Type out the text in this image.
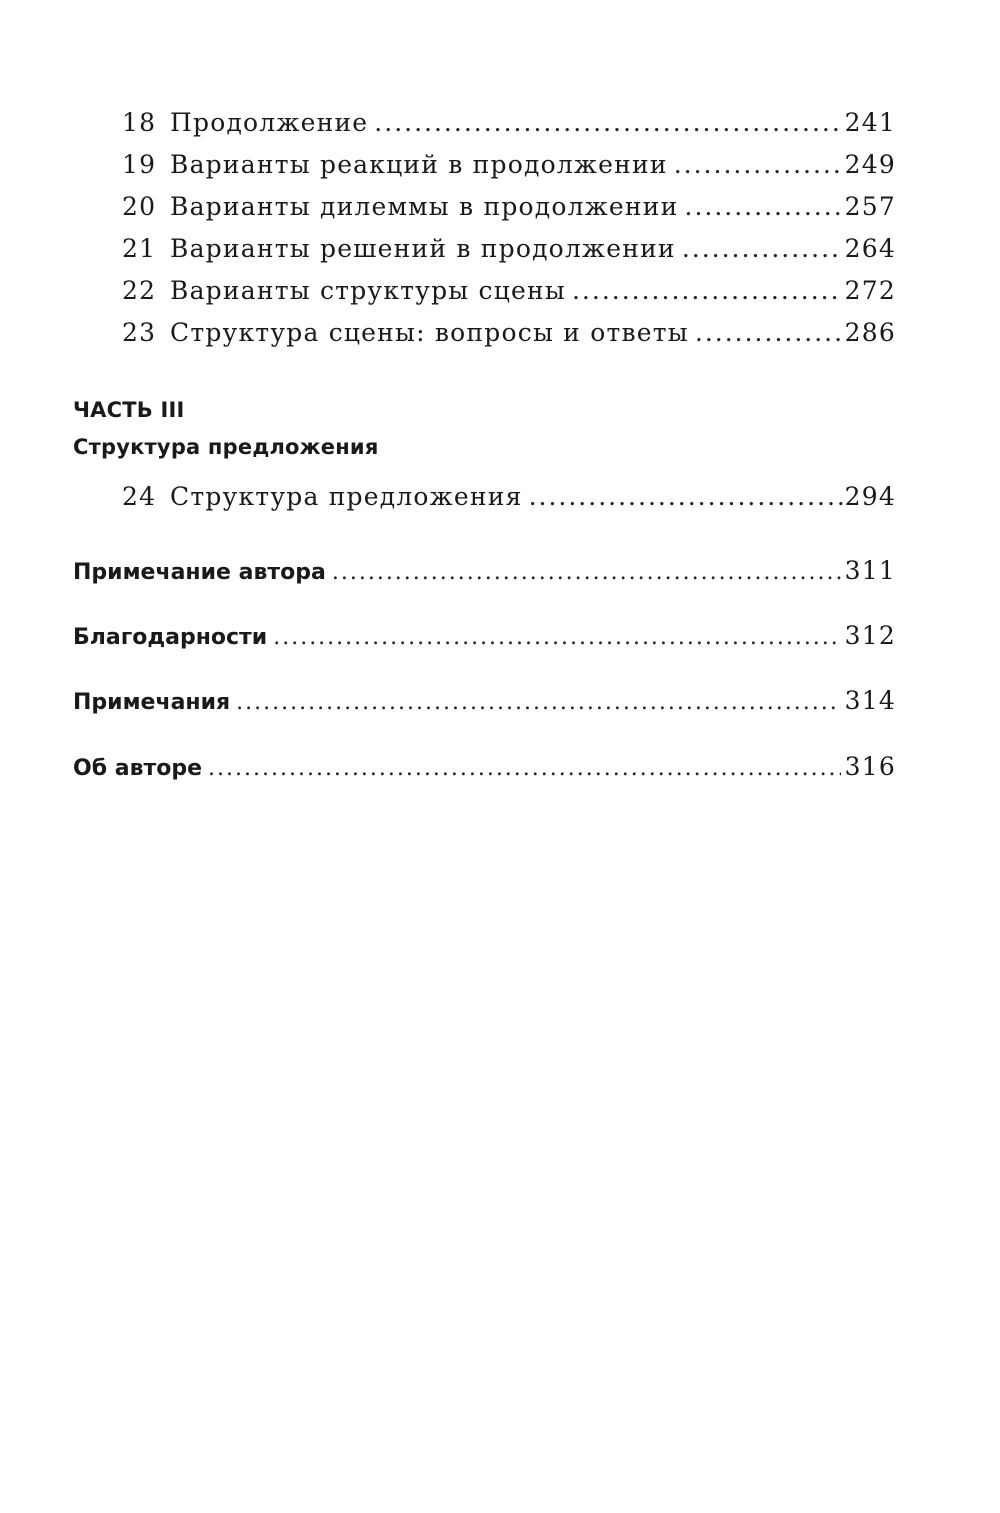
18 Продолжение .....	241
19 Варианты реакций в продолжении .....	249
20 Варианты дилеммы в продолжении .....	257
21 Варианты решений в продолжении .....	264
22 Варианты структуры сцены .....	272
23 Структура сцены: вопросы и ответы .....	286
ЧАСТЬ III
Структура предложения
24 Структура предложения .....	294
Примечание автора .....	311
Благодарности .....	312
Примечания .....	314
Об авторе .....	316
